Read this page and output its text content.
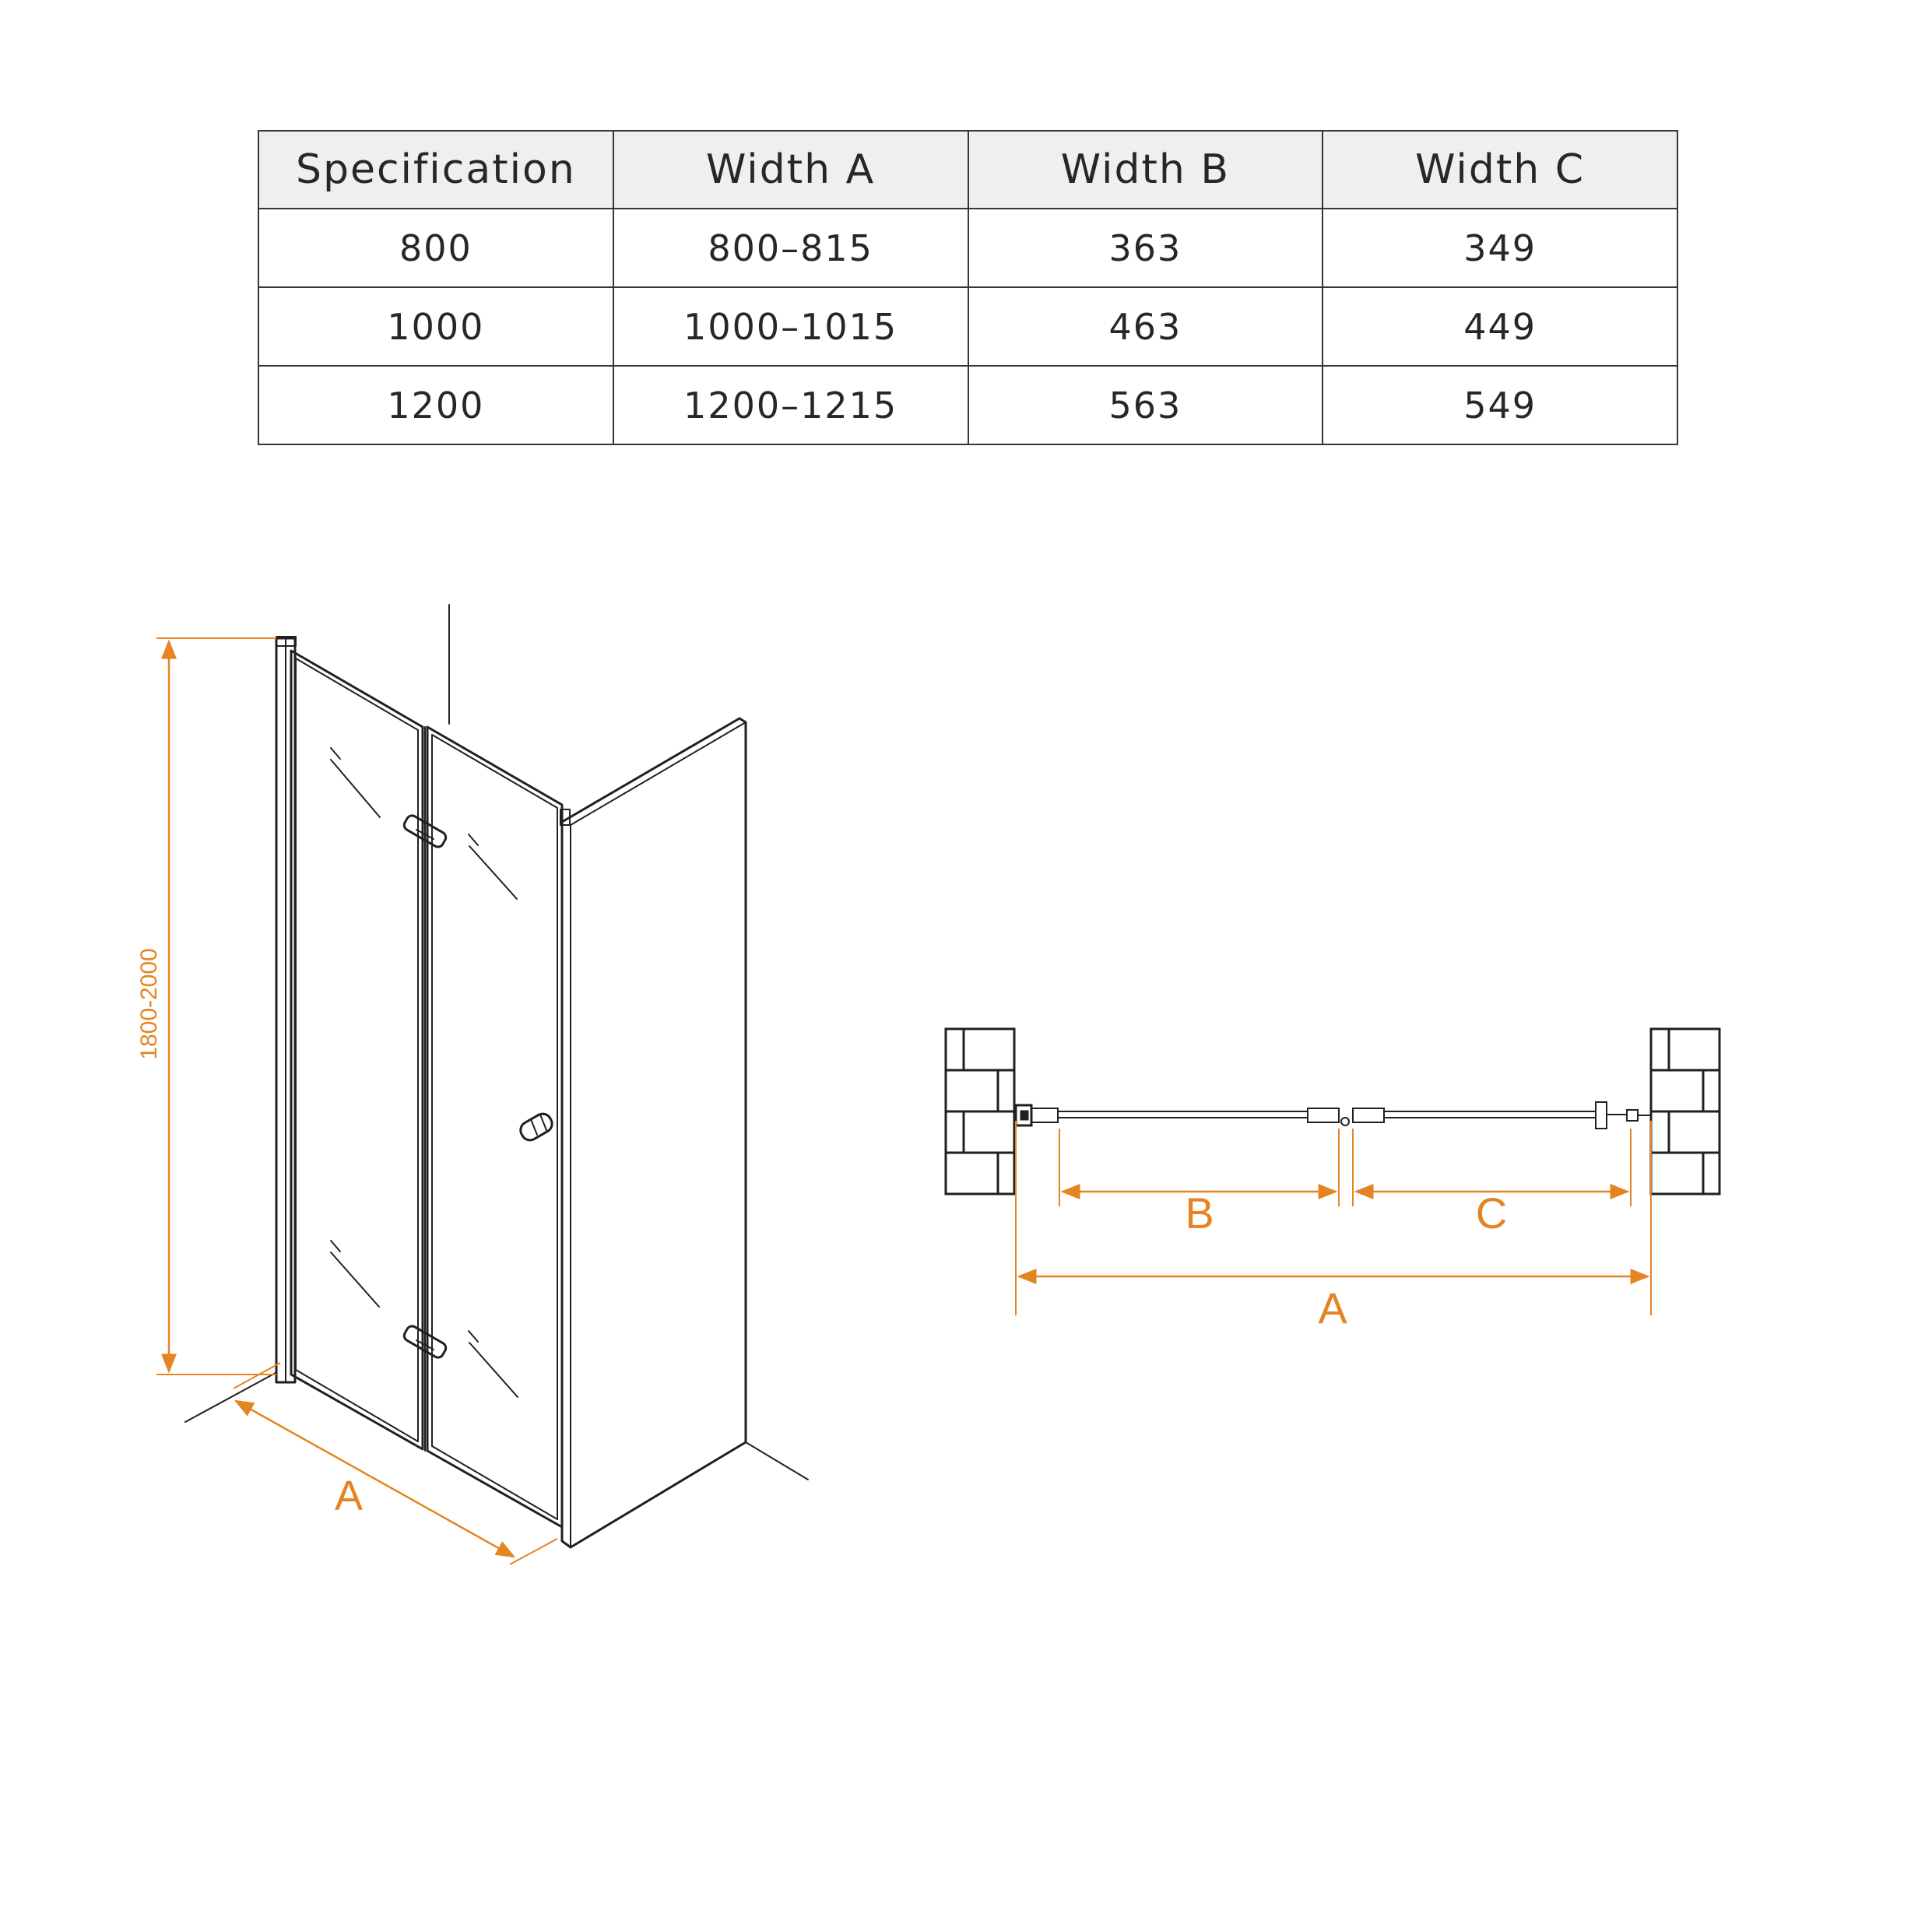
Specification	Width A	Width B	Width C
800	800–815	363	349
1000	1000–1015	463	449
1200	1200–1215	563	549
1800-2000
A
B	C
A
